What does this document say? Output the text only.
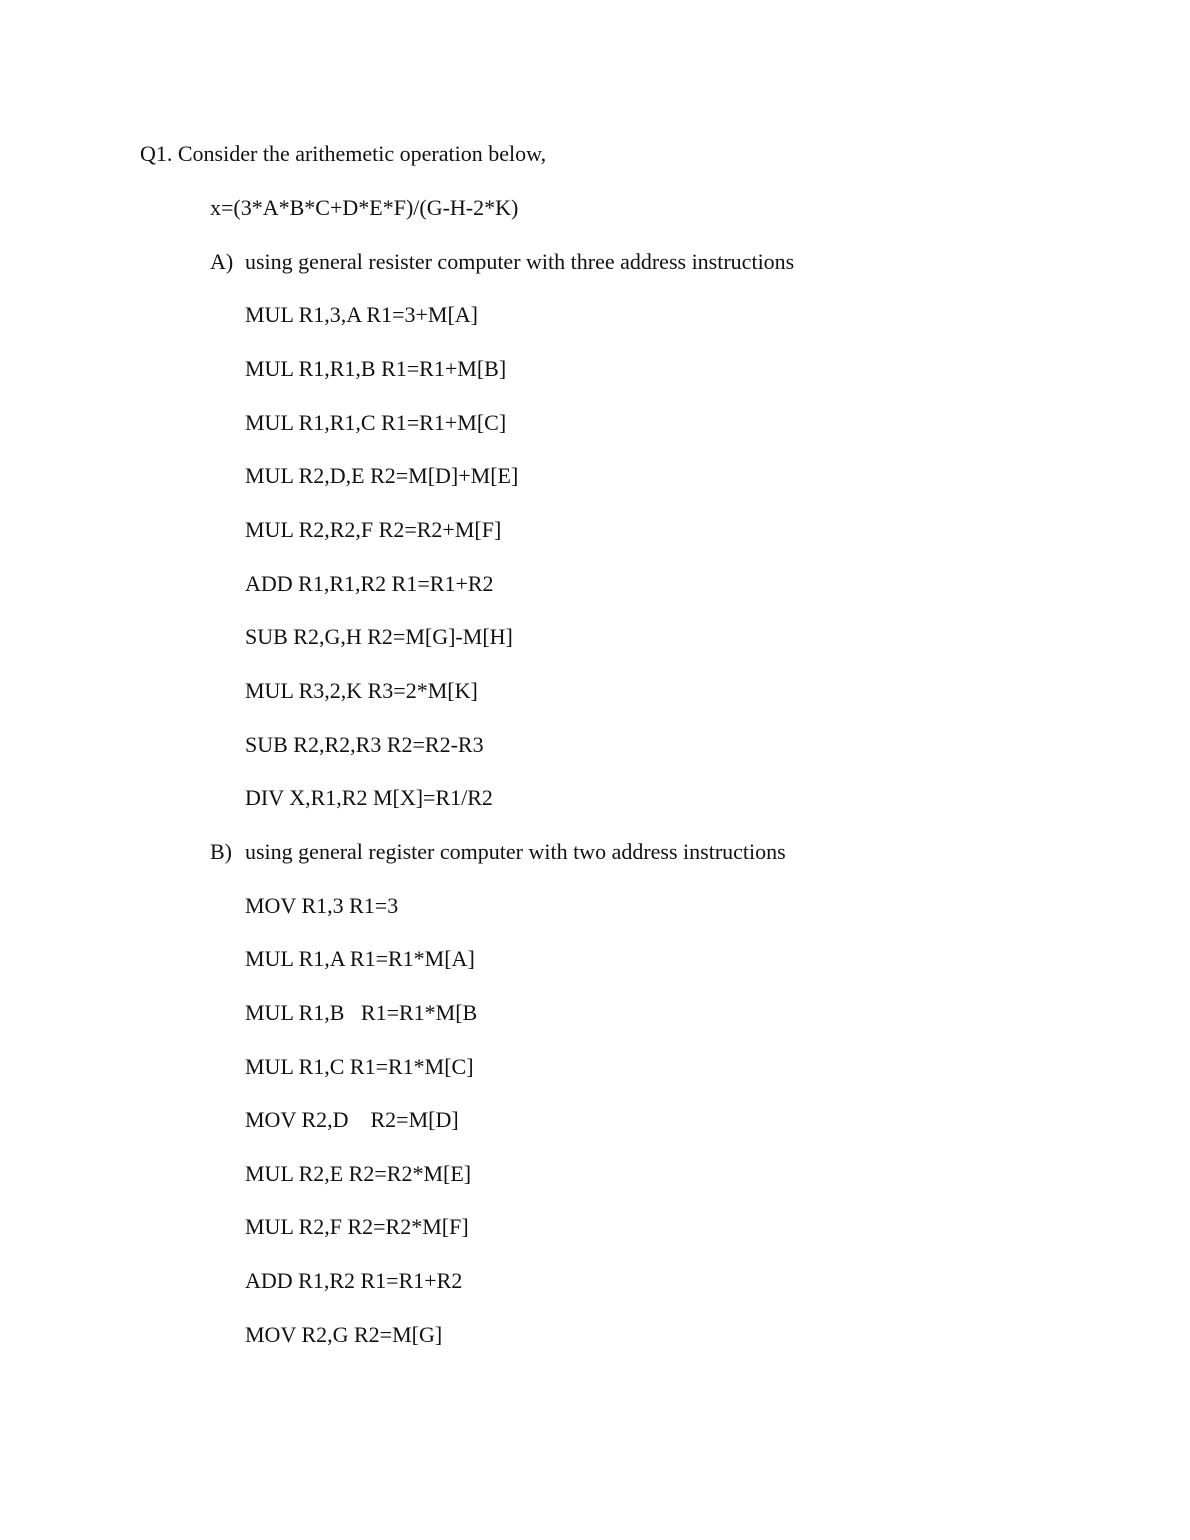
Q1. Consider the arithemetic operation below,
x=(3*A*B*C+D*E*F)/(G-H-2*K)
A) using general resister computer with three address instructions
MUL R1,3,A R1=3+M[A]
MUL R1,R1,B R1=R1+M[B]
MUL R1,R1,C R1=R1+M[C]
MUL R2,D,E R2=M[D]+M[E]
MUL R2,R2,F R2=R2+M[F]
ADD R1,R1,R2 R1=R1+R2
SUB R2,G,H R2=M[G]-M[H]
MUL R3,2,K R3=2*M[K]
SUB R2,R2,R3 R2=R2-R3
DIV X,R1,R2 M[X]=R1/R2
B) using general register computer with two address instructions
MOV R1,3 R1=3
MUL R1,A R1=R1*M[A]
MUL R1,B   R1=R1*M[B
MUL R1,C R1=R1*M[C]
MOV R2,D    R2=M[D]
MUL R2,E R2=R2*M[E]
MUL R2,F R2=R2*M[F]
ADD R1,R2 R1=R1+R2
MOV R2,G R2=M[G]
